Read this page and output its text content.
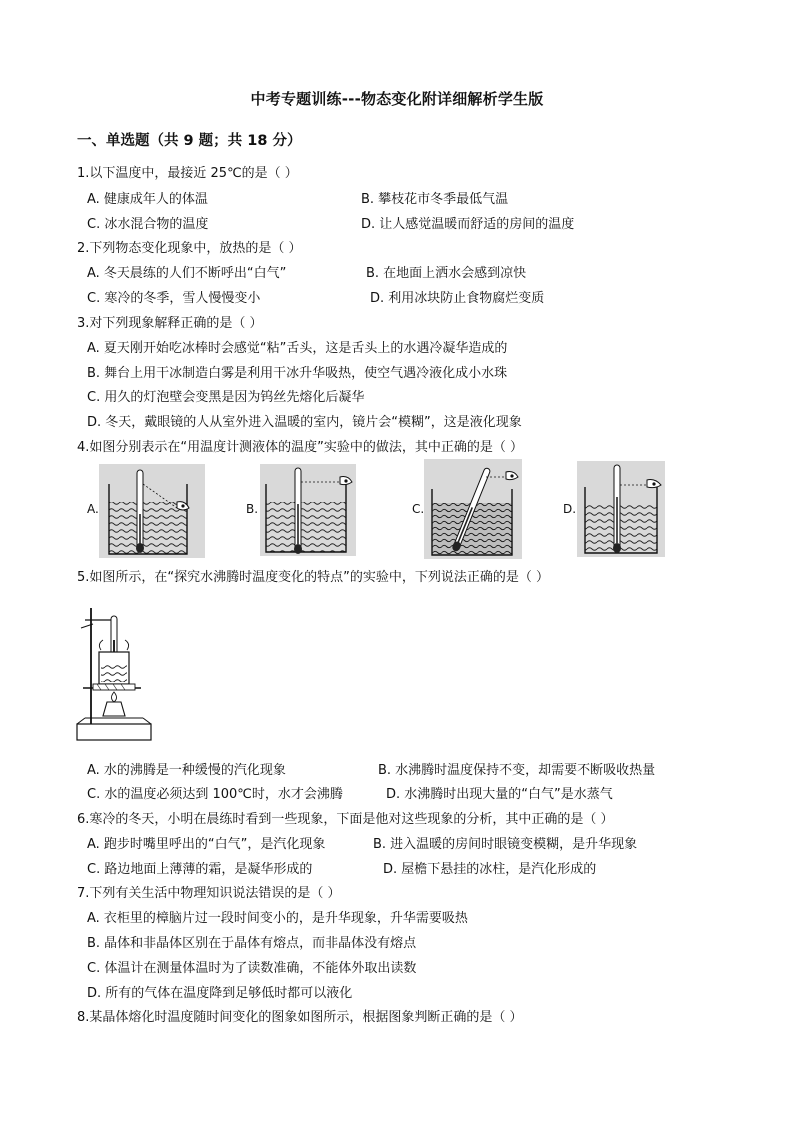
中考专题训练---物态变化附详细解析学生版
一、单选题（共 9 题；共 18 分）
1.以下温度中，最接近 25℃的是（ ）
A. 健康成年人的体温	B. 攀枝花市冬季最低气温
C. 冰水混合物的温度	D. 让人感觉温暖而舒适的房间的温度
2.下列物态变化现象中，放热的是（ ）
A. 冬天晨练的人们不断呼出“白气”	B. 在地面上洒水会感到凉快
C. 寒冷的冬季，雪人慢慢变小	D. 利用冰块防止食物腐烂变质
3.对下列现象解释正确的是（ ）
A. 夏天刚开始吃冰棒时会感觉“粘”舌头，这是舌头上的水遇冷凝华造成的
B. 舞台上用干冰制造白雾是利用干冰升华吸热，使空气遇冷液化成小水珠
C. 用久的灯泡壁会变黑是因为钨丝先熔化后凝华
D. 冬天，戴眼镜的人从室外进入温暖的室内，镜片会“模糊”，这是液化现象
4.如图分别表示在“用温度计测液体的温度”实验中的做法，其中正确的是（ ）
A.	B.	C.	D.
5.如图所示，在“探究水沸腾时温度变化的特点”的实验中，下列说法正确的是（ ）
A. 水的沸腾是一种缓慢的汽化现象	B. 水沸腾时温度保持不变，却需要不断吸收热量
C. 水的温度必须达到 100℃时，水才会沸腾	D. 水沸腾时出现大量的“白气”是水蒸气
6.寒冷的冬天，小明在晨练时看到一些现象，下面是他对这些现象的分析，其中正确的是（ ）
A. 跑步时嘴里呼出的“白气”，是汽化现象	B. 进入温暖的房间时眼镜变模糊，是升华现象
C. 路边地面上薄薄的霜，是凝华形成的	D. 屋檐下悬挂的冰柱，是汽化形成的
7.下列有关生活中物理知识说法错误的是（ ）
A. 衣柜里的樟脑片过一段时间变小的，是升华现象，升华需要吸热
B. 晶体和非晶体区别在于晶体有熔点，而非晶体没有熔点
C. 体温计在测量体温时为了读数准确，不能体外取出读数
D. 所有的气体在温度降到足够低时都可以液化
8.某晶体熔化时温度随时间变化的图象如图所示，根据图象判断正确的是（ ）
